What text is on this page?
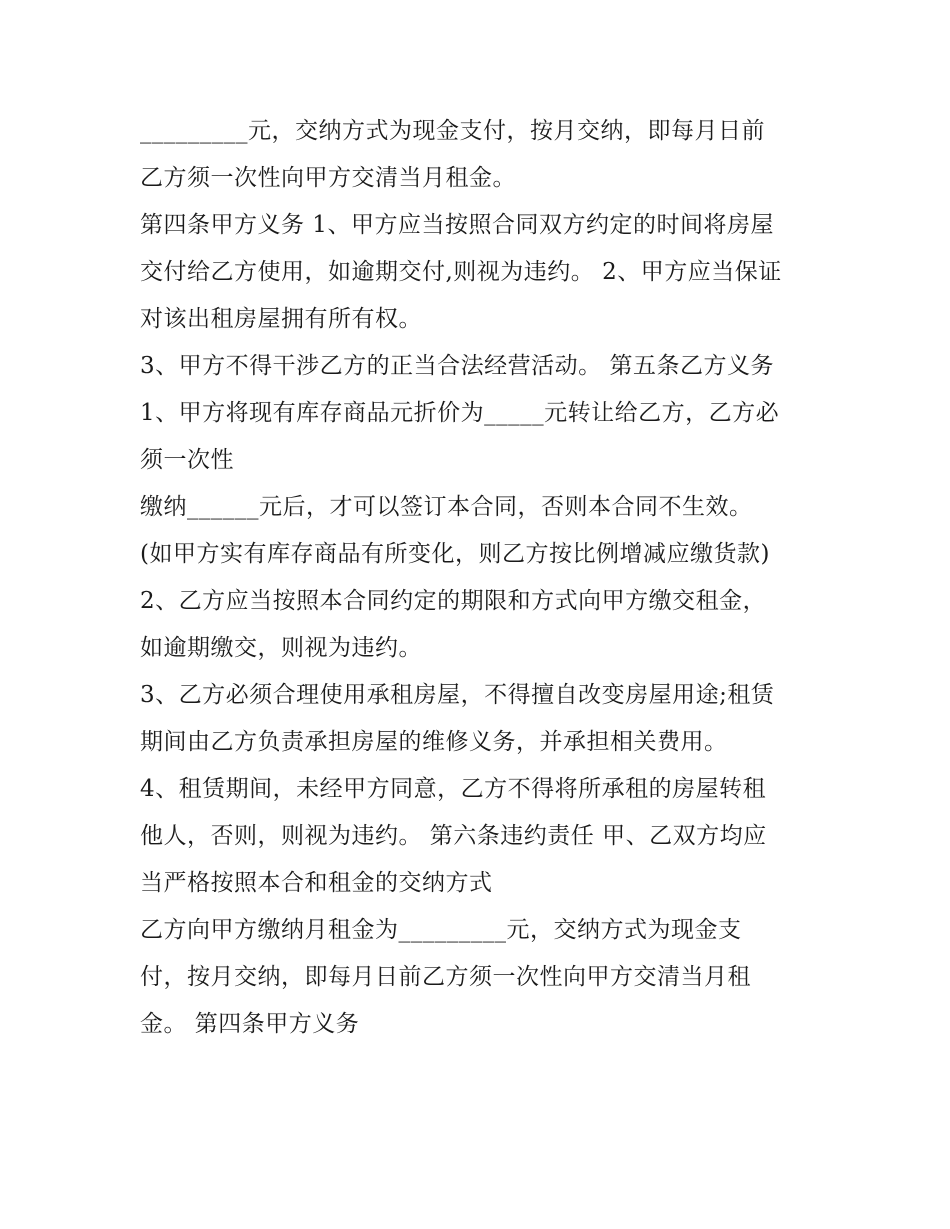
_________元，交纳方式为现金支付，按月交纳，即每月日前
乙方须一次性向甲方交清当月租金。
第四条甲方义务 1、甲方应当按照合同双方约定的时间将房屋
交付给乙方使用，如逾期交付,则视为违约。 2、甲方应当保证
对该出租房屋拥有所有权。
3、甲方不得干涉乙方的正当合法经营活动。 第五条乙方义务
1、甲方将现有库存商品元折价为_____元转让给乙方，乙方必
须一次性
缴纳______元后，才可以签订本合同，否则本合同不生效。
(如甲方实有库存商品有所变化，则乙方按比例增减应缴货款)
2、乙方应当按照本合同约定的期限和方式向甲方缴交租金，
如逾期缴交，则视为违约。
3、乙方必须合理使用承租房屋，不得擅自改变房屋用途;租赁
期间由乙方负责承担房屋的维修义务，并承担相关费用。
4、租赁期间，未经甲方同意，乙方不得将所承租的房屋转租
他人，否则，则视为违约。 第六条违约责任 甲、乙双方均应
当严格按照本合和租金的交纳方式
乙方向甲方缴纳月租金为_________元，交纳方式为现金支
付，按月交纳，即每月日前乙方须一次性向甲方交清当月租
金。 第四条甲方义务
